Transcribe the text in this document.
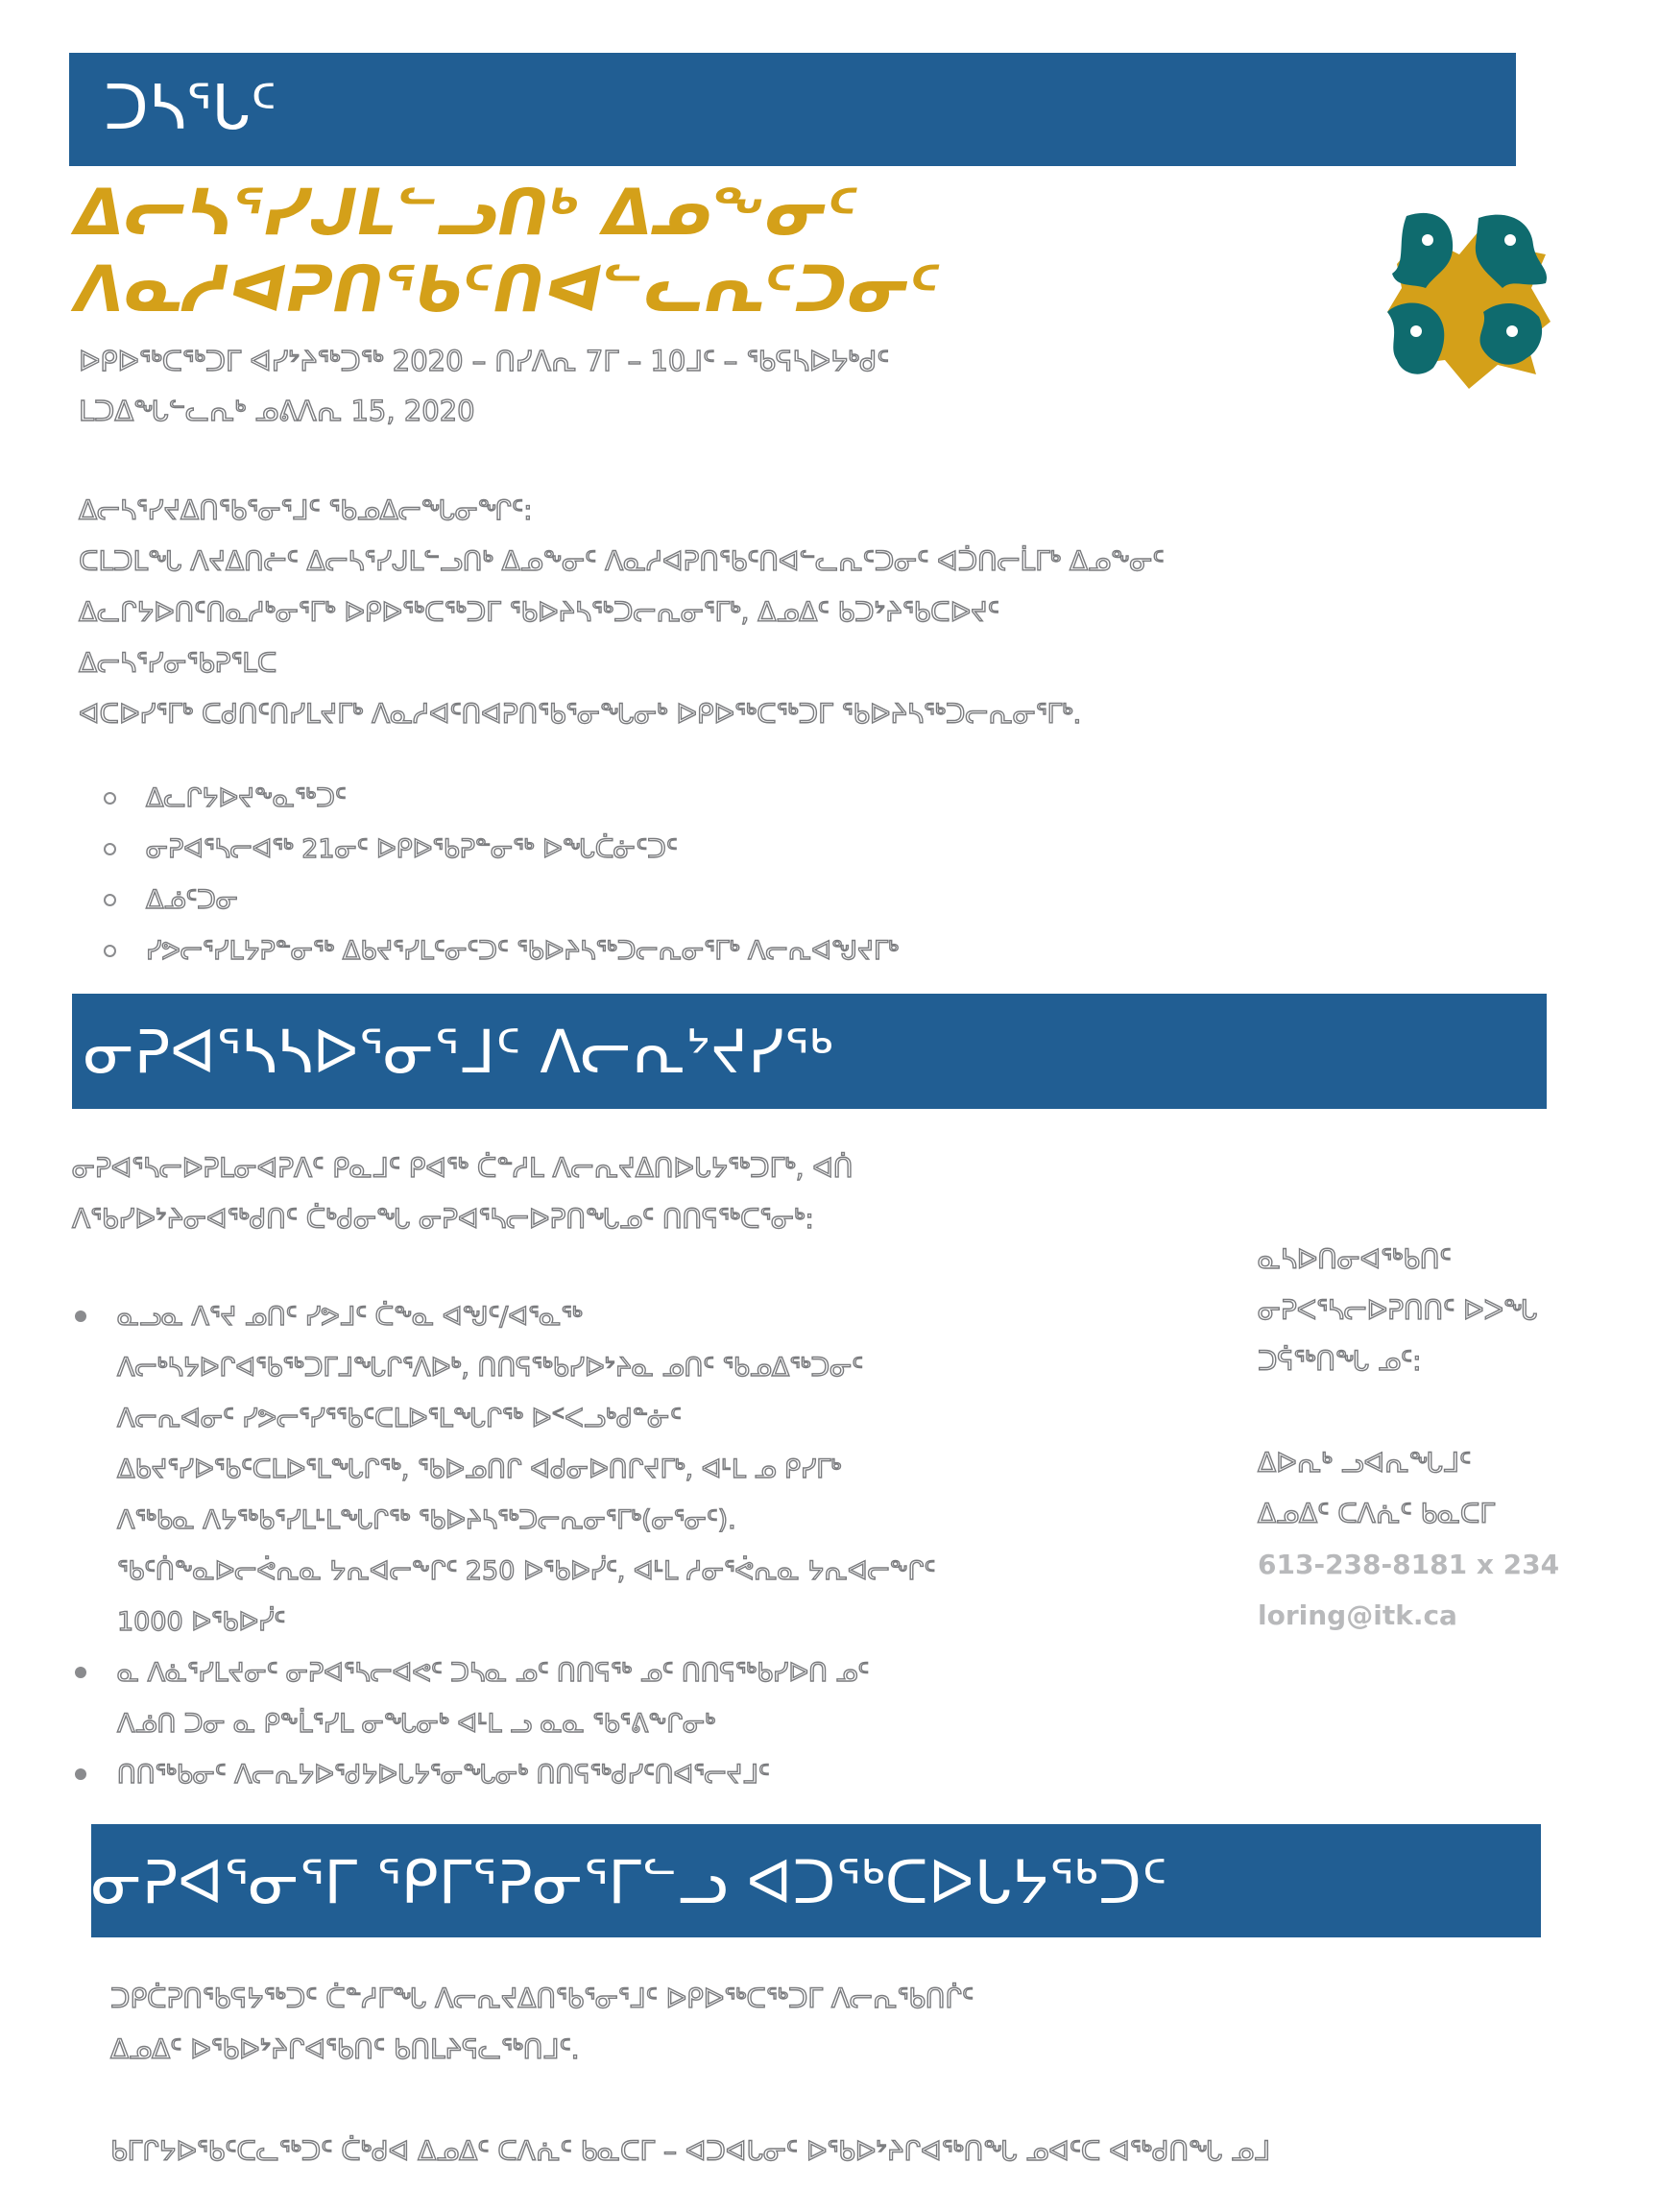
ᑐᓴᕐᒐᑦ
ᐃᓕᓴᕐᓯᒍᒪᓪᓗᑎᒃ ᐃᓄᖕᓂᑦ
ᐱᓇᓱᐊᕈᑎᖃᑦᑎᐊᓪᓚᕆᑦᑐᓂᑦ
ᐅᑭᐅᖅᑕᖅᑐᒥ ᐊᓯᔾᔨᖅᑐᖅ 2020 – ᑎᓯᐱᕆ 7ᒥ – 10ᒧᑦ – ᖃᕋᓴᐅᔭᒃᑯᑦ
ᒪᑐᐃᖓᓪᓚᕆᒃ ᓄᕕᐱᕆ 15, 2020
ᐃᓕᓴᕐᓯᔪᐃᑎᖃᕐᓂᕐᒧᑦ ᖃᓄᐃᓕᖓᓂᖏᑦ:
ᑕᒪᑐᒪᖓ ᐱᔪᐃᑎᓖᑦ ᐃᓕᓴᕐᓯᒍᒪᓪᓗᑎᒃ ᐃᓄᖕᓂᑦ ᐱᓇᓱᐊᕈᑎᖃᑦᑎᐊᓪᓚᕆᑦᑐᓂᑦ ᐊᑑᑎᓕᒫᒥᒃ ᐃᓄᖕᓂᑦ
ᐃᓚᒋᔭᐅᑎᑦᑎᓇᓱᒃᓂᕐᒥᒃ ᐅᑭᐅᖅᑕᖅᑐᒥ ᖃᐅᔨᓴᖅᑐᓕᕆᓂᕐᒥᒃ, ᐃᓄᐃᑦ ᑲᑐᔾᔨᖃᑕᐅᔪᑦ
ᐃᓕᓴᕐᓯᓂᖃᕈᕐᒪᑕ
ᐊᑕᐅᓯᕐᒥᒃ ᑕᑯᑎᑦᑎᓯᒪᔪᒥᒃ ᐱᓇᓱᐊᑦᑎᐊᕈᑎᖃᕐᓂᖓᓂᒃ ᐅᑭᐅᖅᑕᖅᑐᒥ ᖃᐅᔨᓴᖅᑐᓕᕆᓂᕐᒥᒃ.
ᐃᓚᒋᔭᐅᔪᖕᓇᖅᑐᑦ
ᓂᕈᐊᕐᓴᓕᐊᖅ 21ᓂᑦ ᐅᑭᐅᖃᕈᓐᓂᖅ ᐅᖓᑖᓃᑦᑐᑦ
ᐃᓅᑦᑐᓂ
ᓯᕗᓕᕐᓯᒪᔭᕈᓐᓂᖅ ᐃᑲᔪᕐᓯᒪᑦᓂᑦᑐᑦ ᖃᐅᔨᓴᖅᑐᓕᕆᓂᕐᒥᒃ ᐱᓕᕆᐊᖑᔪᒥᒃ
ᓂᕈᐊᕐᓴᓴᐅᕐᓂᕐᒧᑦ ᐱᓕᕆᔾᔪᓯᖅ
ᓂᕈᐊᕐᓴᓕᐅᕈᒪᓂᐊᕈᐱᑦ ᑭᓇᒧᑦ ᑭᐊᖅ ᑖᓐᓱᒪ ᐱᓕᕆᔪᐃᑎᐅᒐᔭᖅᑐᒥᒃ, ᐊᑏ
ᐱᖃᓯᐅᔾᔨᓂᐊᖅᑯᑎᑦ ᑖᒃᑯᓂᖓ ᓂᕈᐊᕐᓴᓕᐅᕈᑎᖓᓄᑦ ᑎᑎᕋᖅᑕᕐᓂᒃ:
ᓇᓗᓇ ᐱᕐᔪ ᓄᑎᑦ ᓯᕗᒧᑦ ᑖᖕᓇ ᐊᖑᑦ/ᐊᕐᓇᖅ
ᐱᓕᒃᓴᔭᐅᒋᐊᖃᖅᑐᒥᒧᖓᒋᕐᐱᐅᒃ, ᑎᑎᕋᖅᑲᓯᐅᔾᔨᓇ ᓄᑎᑦ ᖃᓄᐃᖅᑐᓂᑦ
ᐱᓕᕆᐊᓂᑦ ᓯᕗᓕᕐᓯᕐᖃᑦᑕᒪᐅᕐᒪᖓᒋᖅ ᐅᑉᐸᓗᒃᑯᓐᓃᑦ
ᐃᑲᔪᕐᓯᐅᖃᑦᑕᒪᐅᕐᒪᖓᒋᖅ, ᖃᐅᓄᑎᒋ ᐊᑯᓂᐅᑎᒋᔪᒥᒃ, ᐊᒻᒪ ᓄ ᑭᓯᒥᒃ
ᐱᖅᑲᓇ ᐱᔭᖅᑲᕐᓯᒪᒻᒪᖓᒋᖅ ᖃᐅᔨᓴᖅᑐᓕᕆᓂᕐᒥᒃ(ᓂᕐᓂᑦ).
ᖃᑦᑏᖕᓇᐅᓕᕚᕆᓇ ᔭᕆᐊᓕᖕᒋᑦ 250 ᐅᖃᐅᓰᑦ, ᐊᒻᒪ ᓱᓂᕐᕚᕆᓇ ᔭᕆᐊᓕᖕᒋᑦ
1000 ᐅᖃᐅᓰᑦ
ᓇ ᐱᓈᕐᓯᒪᔪᓂᑦ ᓂᕈᐊᕐᓴᓕᐊᕙᑦ ᑐᓴᓇ ᓄᑦ ᑎᑎᕋᖅ ᓄᑦ ᑎᑎᕋᖅᑲᓯᐅᑎ ᓄᑦ
ᐱᓅᑎ ᑐᓂ ᓇ ᑭᖕᒫᕐᓯᒪ ᓂᖓᓂᒃ ᐊᒻᒪ ᓗ ᓇᓇ ᖃᕐᕕᖕᒋᓂᒃ
ᑎᑎᖅᑲᓂᑦ ᐱᓕᕆᔭᐅᕐᑯᔭᐅᒐᔭᕐᓂᖓᓂᒃ ᑎᑎᕋᖅᑯᓯᑦᑎᐊᕐᓕᔪᒧᑦ
ᓇᓴᐅᑎᓂᐊᖅᑲᑎᑦ
ᓂᕈᐸᕐᓴᓕᐅᕈᑎᑎᑦ ᐅᐳᖓ
ᑐᕌᖅᑎᖓ ᓄᑦ:
ᐃᐅᕆᒃ ᓗᐊᕆᖓᒧᑦ
ᐃᓄᐃᑦ ᑕᐱᕇᑦ ᑲᓇᑕᒥ
613-238-8181 x 234
loring@itk.ca
ᓂᕈᐊᕐᓂᕐᒥ ᕿᒥᕐᕈᓂᕐᒥᓪᓗ ᐊᑐᖅᑕᐅᒐᔭᖅᑐᑦ
ᑐᑭᑖᕈᑎᖃᕋᔭᖅᑐᑦ ᑖᓐᓱᒥᖓ ᐱᓕᕆᔪᐃᑎᖃᕐᓂᕐᒧᑦ ᐅᑭᐅᖅᑕᖅᑐᒥ ᐱᓕᕆᖃᑎᒌᑦ
ᐃᓄᐃᑦ ᐅᖃᐅᔾᔨᒋᐊᖃᑎᑦ ᑲᑎᒪᔨᕋᓚᖅᑎᒧᑦ.
ᑲᒥᒋᔭᐅᖃᑦᑕᓚᖅᑐᑦ ᑖᒃᑯᐊ ᐃᓄᐃᑦ ᑕᐱᕇᑦ ᑲᓇᑕᒥ – ᐊᑐᐊᒐᓂᑦ ᐅᖃᐅᔾᔨᒋᐊᖅᑎᖓ ᓄᐊᑦᑕ ᐊᖅᑯᑎᖓ ᓄᒧ
